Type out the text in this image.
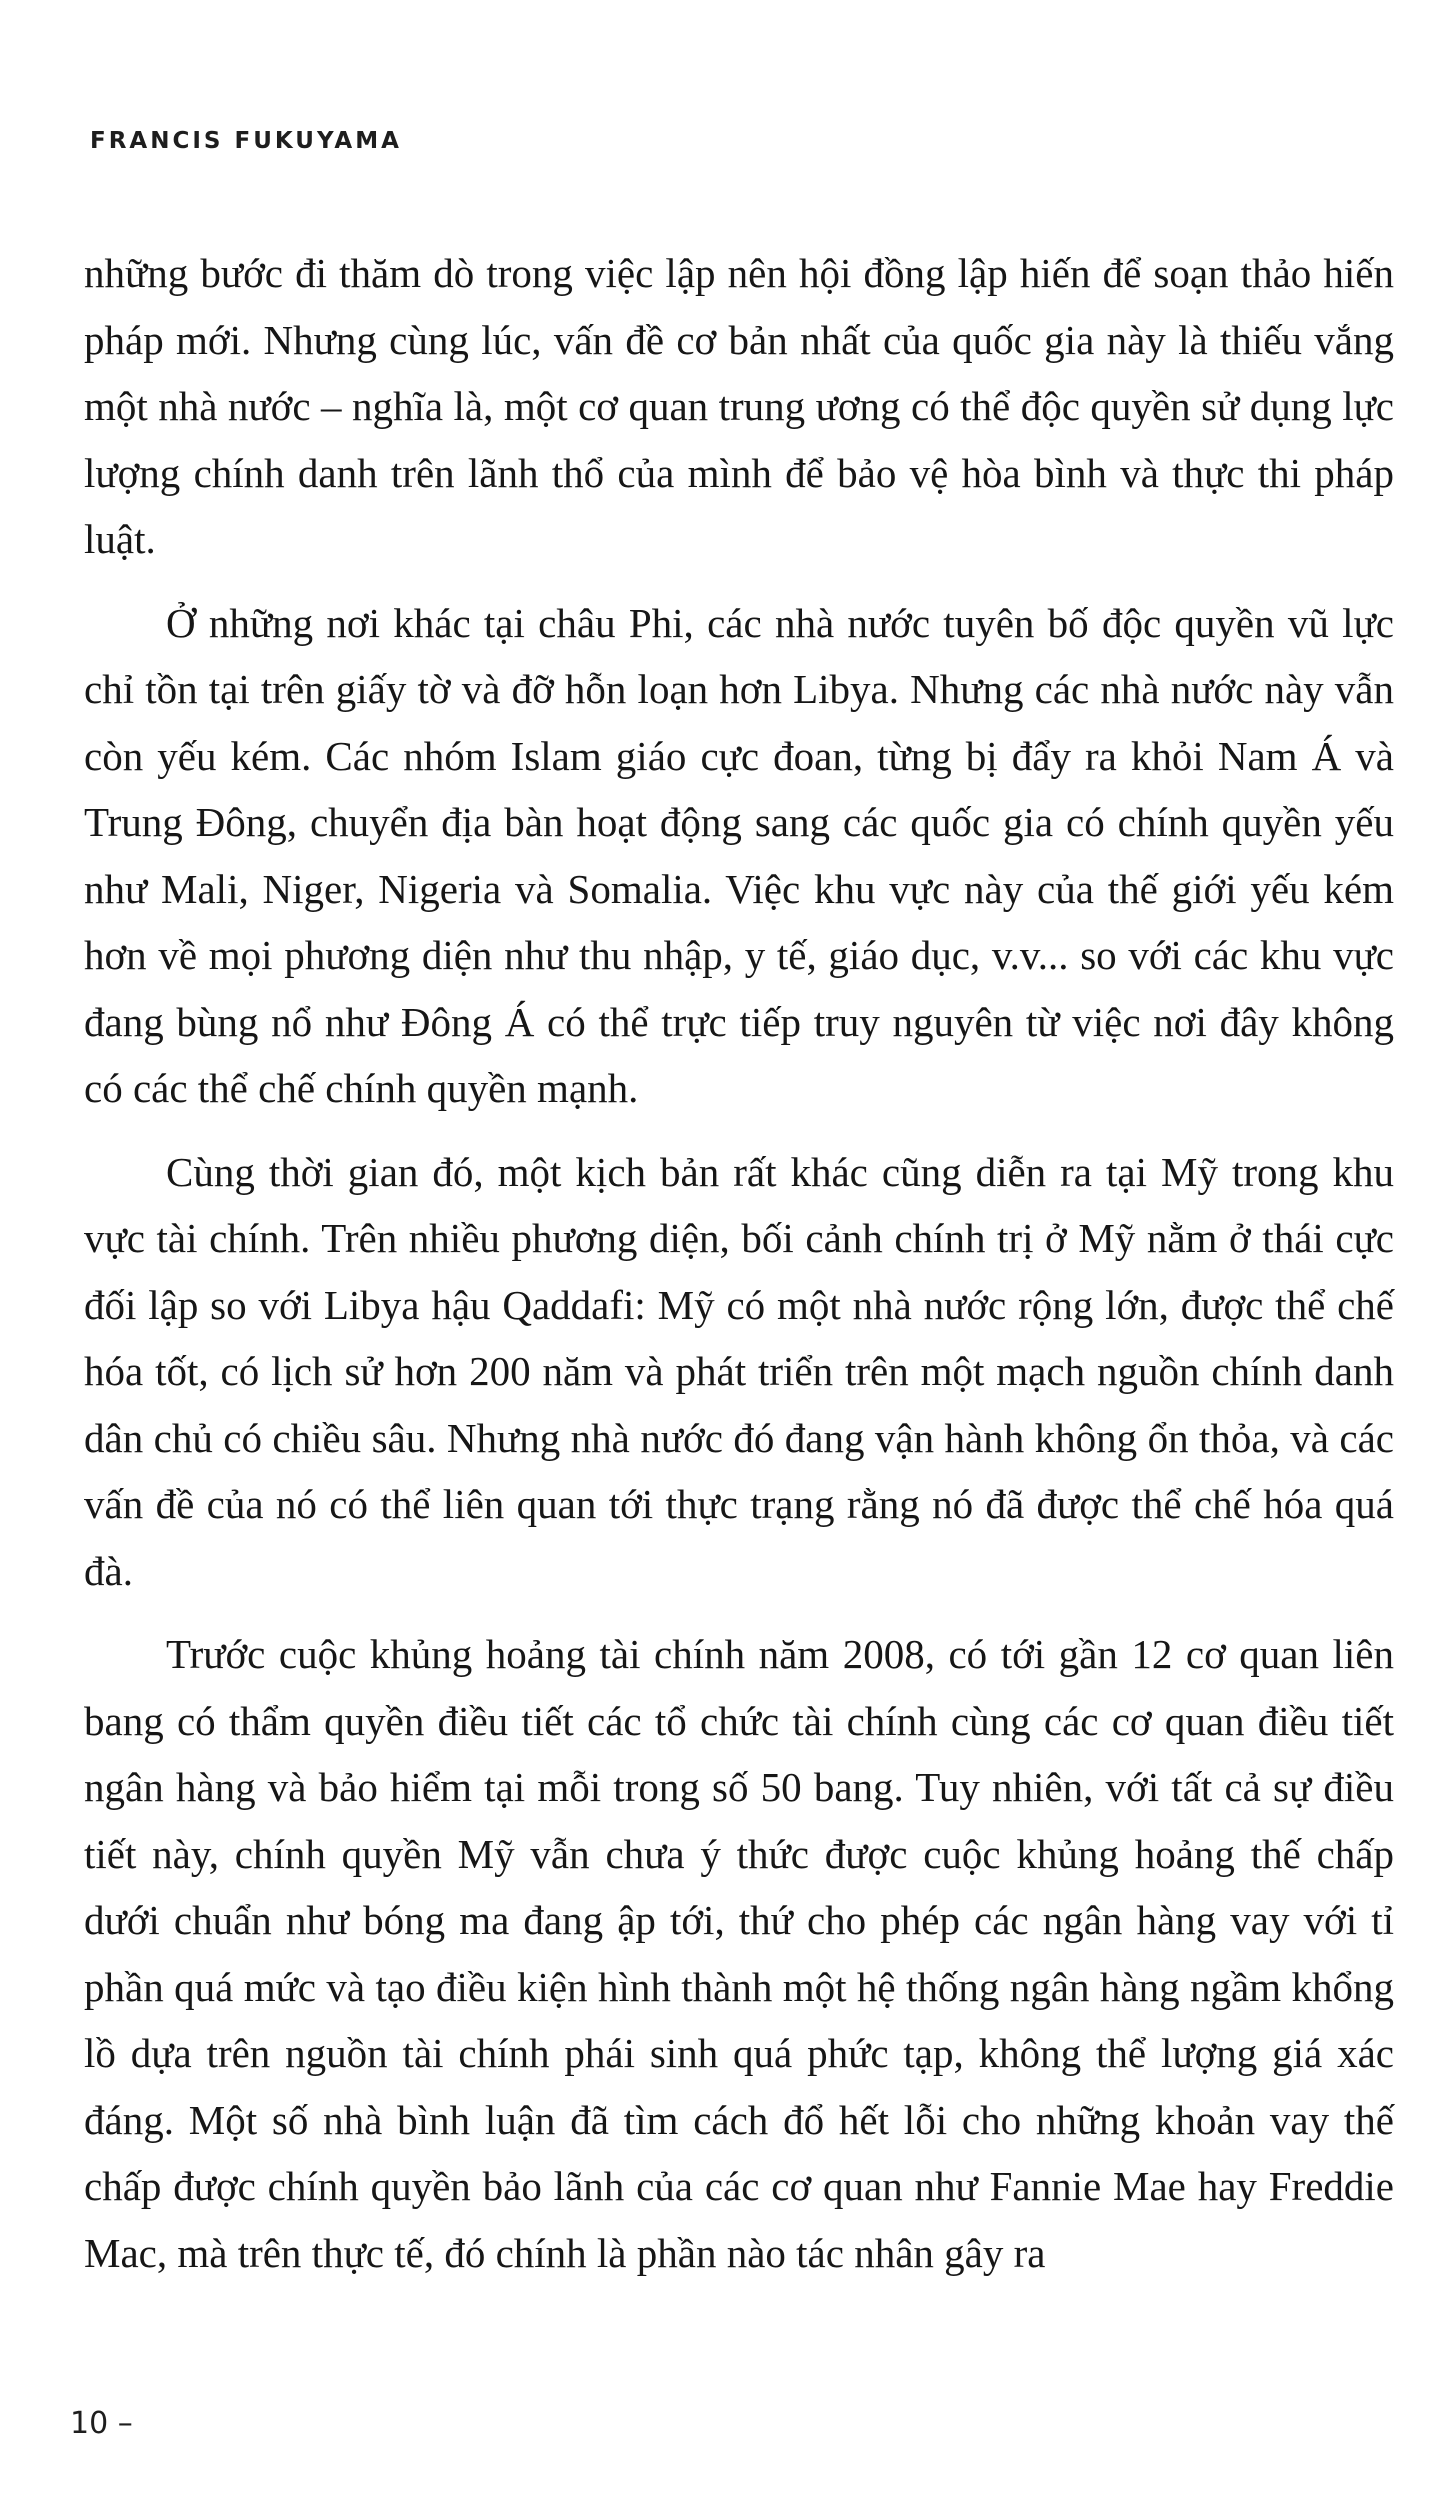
FRANCIS FUKUYAMA

những bước đi thăm dò trong việc lập nên hội đồng lập hiến để soạn thảo hiến pháp mới. Nhưng cùng lúc, vấn đề cơ bản nhất của quốc gia này là thiếu vắng một nhà nước – nghĩa là, một cơ quan trung ương có thể độc quyền sử dụng lực lượng chính danh trên lãnh thổ của mình để bảo vệ hòa bình và thực thi pháp luật.

Ở những nơi khác tại châu Phi, các nhà nước tuyên bố độc quyền vũ lực chỉ tồn tại trên giấy tờ và đỡ hỗn loạn hơn Libya. Nhưng các nhà nước này vẫn còn yếu kém. Các nhóm Islam giáo cực đoan, từng bị đẩy ra khỏi Nam Á và Trung Đông, chuyển địa bàn hoạt động sang các quốc gia có chính quyền yếu như Mali, Niger, Nigeria và Somalia. Việc khu vực này của thế giới yếu kém hơn về mọi phương diện như thu nhập, y tế, giáo dục, v.v... so với các khu vực đang bùng nổ như Đông Á có thể trực tiếp truy nguyên từ việc nơi đây không có các thể chế chính quyền mạnh.

Cùng thời gian đó, một kịch bản rất khác cũng diễn ra tại Mỹ trong khu vực tài chính. Trên nhiều phương diện, bối cảnh chính trị ở Mỹ nằm ở thái cực đối lập so với Libya hậu Qaddafi: Mỹ có một nhà nước rộng lớn, được thể chế hóa tốt, có lịch sử hơn 200 năm và phát triển trên một mạch nguồn chính danh dân chủ có chiều sâu. Nhưng nhà nước đó đang vận hành không ổn thỏa, và các vấn đề của nó có thể liên quan tới thực trạng rằng nó đã được thể chế hóa quá đà.

Trước cuộc khủng hoảng tài chính năm 2008, có tới gần 12 cơ quan liên bang có thẩm quyền điều tiết các tổ chức tài chính cùng các cơ quan điều tiết ngân hàng và bảo hiểm tại mỗi trong số 50 bang. Tuy nhiên, với tất cả sự điều tiết này, chính quyền Mỹ vẫn chưa ý thức được cuộc khủng hoảng thế chấp dưới chuẩn như bóng ma đang ập tới, thứ cho phép các ngân hàng vay với tỉ phần quá mức và tạo điều kiện hình thành một hệ thống ngân hàng ngầm khổng lồ dựa trên nguồn tài chính phái sinh quá phức tạp, không thể lượng giá xác đáng. Một số nhà bình luận đã tìm cách đổ hết lỗi cho những khoản vay thế chấp được chính quyền bảo lãnh của các cơ quan như Fannie Mae hay Freddie Mac, mà trên thực tế, đó chính là phần nào tác nhân gây ra

10 –
